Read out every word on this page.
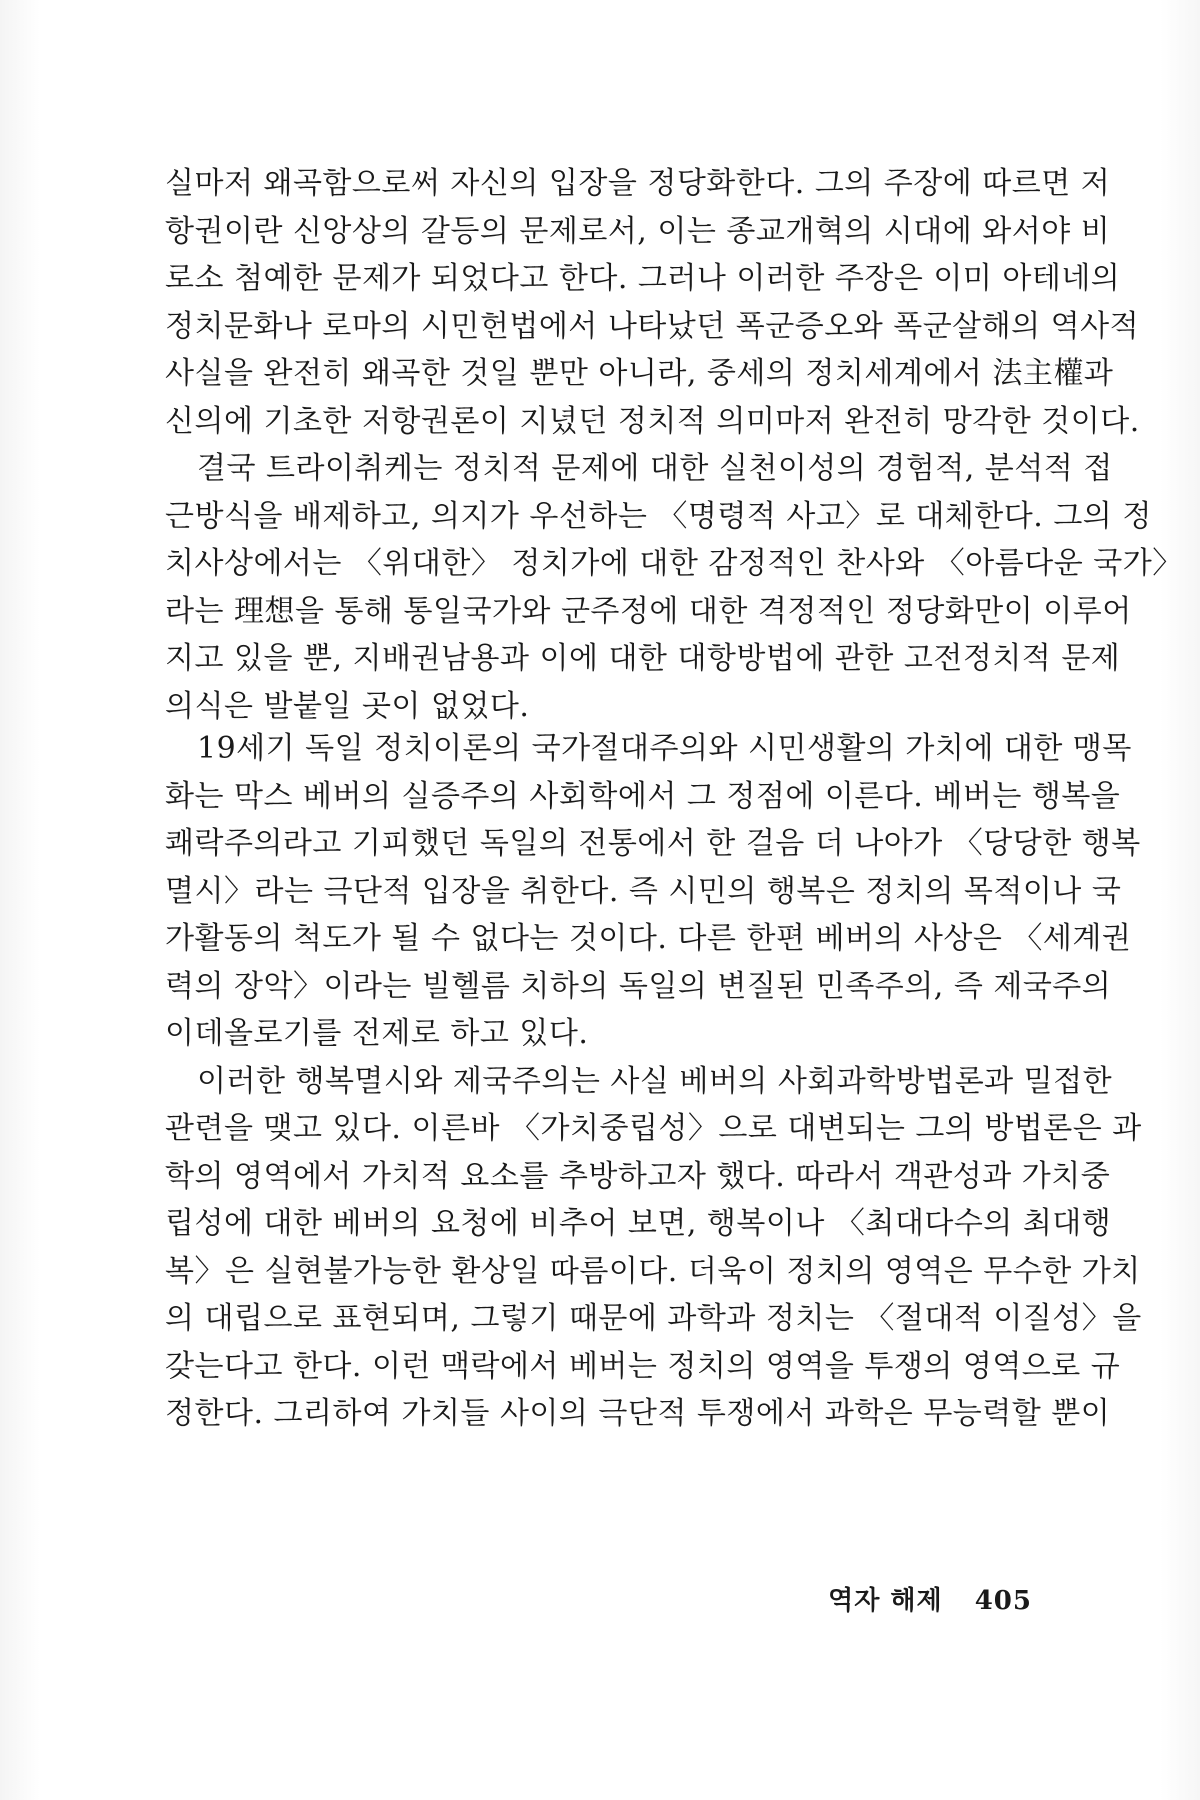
실마저 왜곡함으로써 자신의 입장을 정당화한다. 그의 주장에 따르면 저
항권이란 신앙상의 갈등의 문제로서, 이는 종교개혁의 시대에 와서야 비
로소 첨예한 문제가 되었다고 한다. 그러나 이러한 주장은 이미 아테네의
정치문화나 로마의 시민헌법에서 나타났던 폭군증오와 폭군살해의 역사적
사실을 완전히 왜곡한 것일 뿐만 아니라, 중세의 정치세계에서 法主權과
신의에 기초한 저항권론이 지녔던 정치적 의미마저 완전히 망각한 것이다.
결국 트라이취케는 정치적 문제에 대한 실천이성의 경험적, 분석적 접
근방식을 배제하고, 의지가 우선하는 〈명령적 사고〉로 대체한다. 그의 정
치사상에서는 〈위대한〉 정치가에 대한 감정적인 찬사와 〈아름다운 국가〉
라는 理想을 통해 통일국가와 군주정에 대한 격정적인 정당화만이 이루어
지고 있을 뿐, 지배권남용과 이에 대한 대항방법에 관한 고전정치적 문제
의식은 발붙일 곳이 없었다.
19세기 독일 정치이론의 국가절대주의와 시민생활의 가치에 대한 맹목
화는 막스 베버의 실증주의 사회학에서 그 정점에 이른다. 베버는 행복을
쾌락주의라고 기피했던 독일의 전통에서 한 걸음 더 나아가 〈당당한 행복
멸시〉라는 극단적 입장을 취한다. 즉 시민의 행복은 정치의 목적이나 국
가활동의 척도가 될 수 없다는 것이다. 다른 한편 베버의 사상은 〈세계권
력의 장악〉이라는 빌헬름 치하의 독일의 변질된 민족주의, 즉 제국주의
이데올로기를 전제로 하고 있다.
이러한 행복멸시와 제국주의는 사실 베버의 사회과학방법론과 밀접한
관련을 맺고 있다. 이른바 〈가치중립성〉으로 대변되는 그의 방법론은 과
학의 영역에서 가치적 요소를 추방하고자 했다. 따라서 객관성과 가치중
립성에 대한 베버의 요청에 비추어 보면, 행복이나 〈최대다수의 최대행
복〉은 실현불가능한 환상일 따름이다. 더욱이 정치의 영역은 무수한 가치
의 대립으로 표현되며, 그렇기 때문에 과학과 정치는 〈절대적 이질성〉을
갖는다고 한다. 이런 맥락에서 베버는 정치의 영역을 투쟁의 영역으로 규
정한다. 그리하여 가치들 사이의 극단적 투쟁에서 과학은 무능력할 뿐이
역자 해제 405
